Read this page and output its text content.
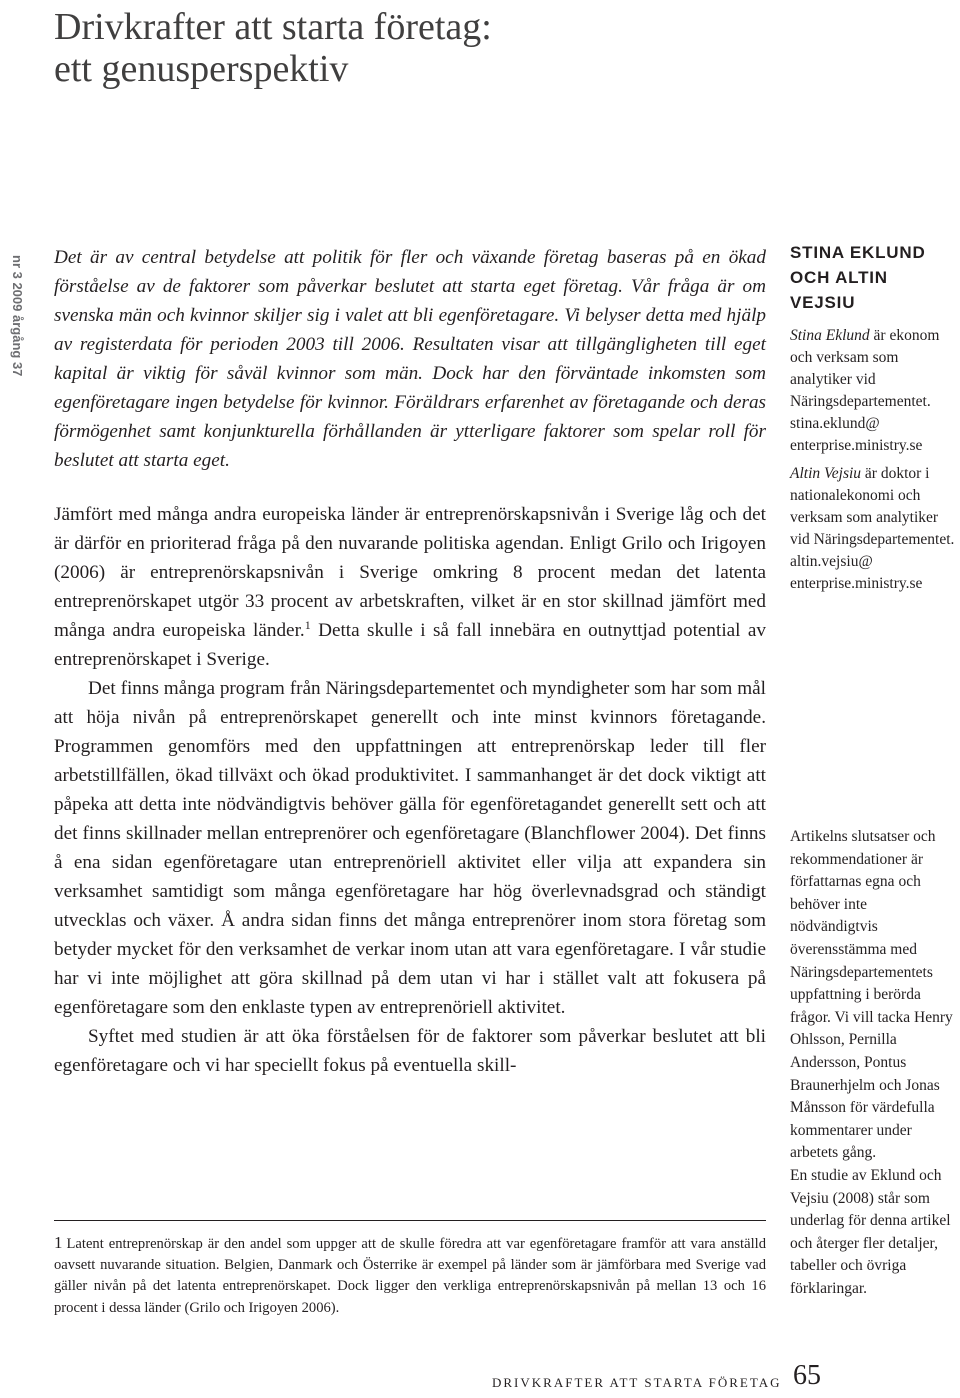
Drivkrafter att starta företag:
ett genusperspektiv
nr 3 2009 årgång 37 Det är av central betydelse att politik för fler och växande företag baseras på en ökad förståelse av de faktorer som påverkar beslutet att starta eget företag. Vår fråga är om svenska män och kvinnor skiljer sig i valet att bli egenföretagare. Vi belyser detta med hjälp av registerdata för perioden 2003 till 2006. Resultaten visar att tillgängligheten till eget kapital är viktig för såväl kvinnor som män. Dock har den förväntade inkomsten som egenföretagare ingen betydelse för kvinnor. Föräldrars erfarenhet av företagande och deras förmögenhet samt konjunkturella förhållanden är ytterligare faktorer som spelar roll för beslutet att starta eget.

Jämfört med många andra europeiska länder är entreprenörskapsnivån i Sverige låg och det är därför en prioriterad fråga på den nuvarande politiska agendan. Enligt Grilo och Irigoyen (2006) är entreprenörskapsnivån i Sverige omkring 8 procent medan det latenta entreprenörskapet utgör 33 procent av arbetskraften, vilket är en stor skillnad jämfört med många andra europeiska länder.$^1$ Detta skulle i så fall innebära en outnyttjad potential av entreprenörskapet i Sverige.

Det finns många program från Näringsdepartementet och myndigheter som har som mål att höja nivån på entreprenörskapet generellt och inte minst kvinnors företagande. Programmen genomförs med den uppfattningen att entreprenörskap leder till fler arbetstillfällen, ökad tillväxt och ökad produktivitet. I sammanhanget är det dock viktigt att påpeka att detta inte nödvändigtvis behöver gälla för egenföretagandet generellt sett och att det finns skillnader mellan entreprenörer och egenföretagare (Blanchflower 2004). Det finns å ena sidan egenföretagare utan entreprenöriell aktivitet eller vilja att expandera sin verksamhet samtidigt som många egenföretagare har hög överlevnadsgrad och ständigt utvecklas och växer. Å andra sidan finns det många entreprenörer inom stora företag som betyder mycket för den verksamhet de verkar inom utan att vara egenföretagare. I vår studie har vi inte möjlighet att göra skillnad på dem utan vi har i stället valt att fokusera på egenföretagare som den enklaste typen av entreprenöriell aktivitet.

Syftet med studien är att öka förståelsen för de faktorer som påverkar beslutet att bli egenföretagare och vi har speciellt fokus på eventuella skill-

1 Latent entreprenörskap är den andel som uppger att de skulle föredra att var egenföretagare framför att vara anställd oavsett nuvarande situation. Belgien, Danmark och Österrike är exempel på länder som är jämförbara med Sverige vad gäller nivån på det latenta entreprenörskapet. Dock ligger den verkliga entreprenörskapsnivån på mellan 13 och 16 procent i dessa länder (Grilo och Irigoyen 2006).
STINA EKLUND
OCH ALTIN
VEJSIU
Stina Eklund är ekonom och verksam som analytiker vid Näringsdepartementet.
stina.eklund@
enterprise.ministry.se
Altin Vejsiu är doktor i nationalekonomi och verksam som analytiker vid Näringsdepartementet.
altin.vejsiu@
enterprise.ministry.se

Artikelns slutsatser och rekommendationer är författarnas egna och behöver inte nödvändigtvis överensstämma med Näringsdepartementets uppfattning i berörda frågor. Vi vill tacka Henry Ohlsson, Pernilla Andersson, Pontus Braunerhjelm och Jonas Månsson för värdefulla kommentarer under arbetets gång.

En studie av Eklund och Vejsiu (2008) står som underlag för denna artikel och återger fler detaljer, tabeller och övriga förklaringar.

DRIVKRAFTER ATT STARTA FÖRETAG 65
